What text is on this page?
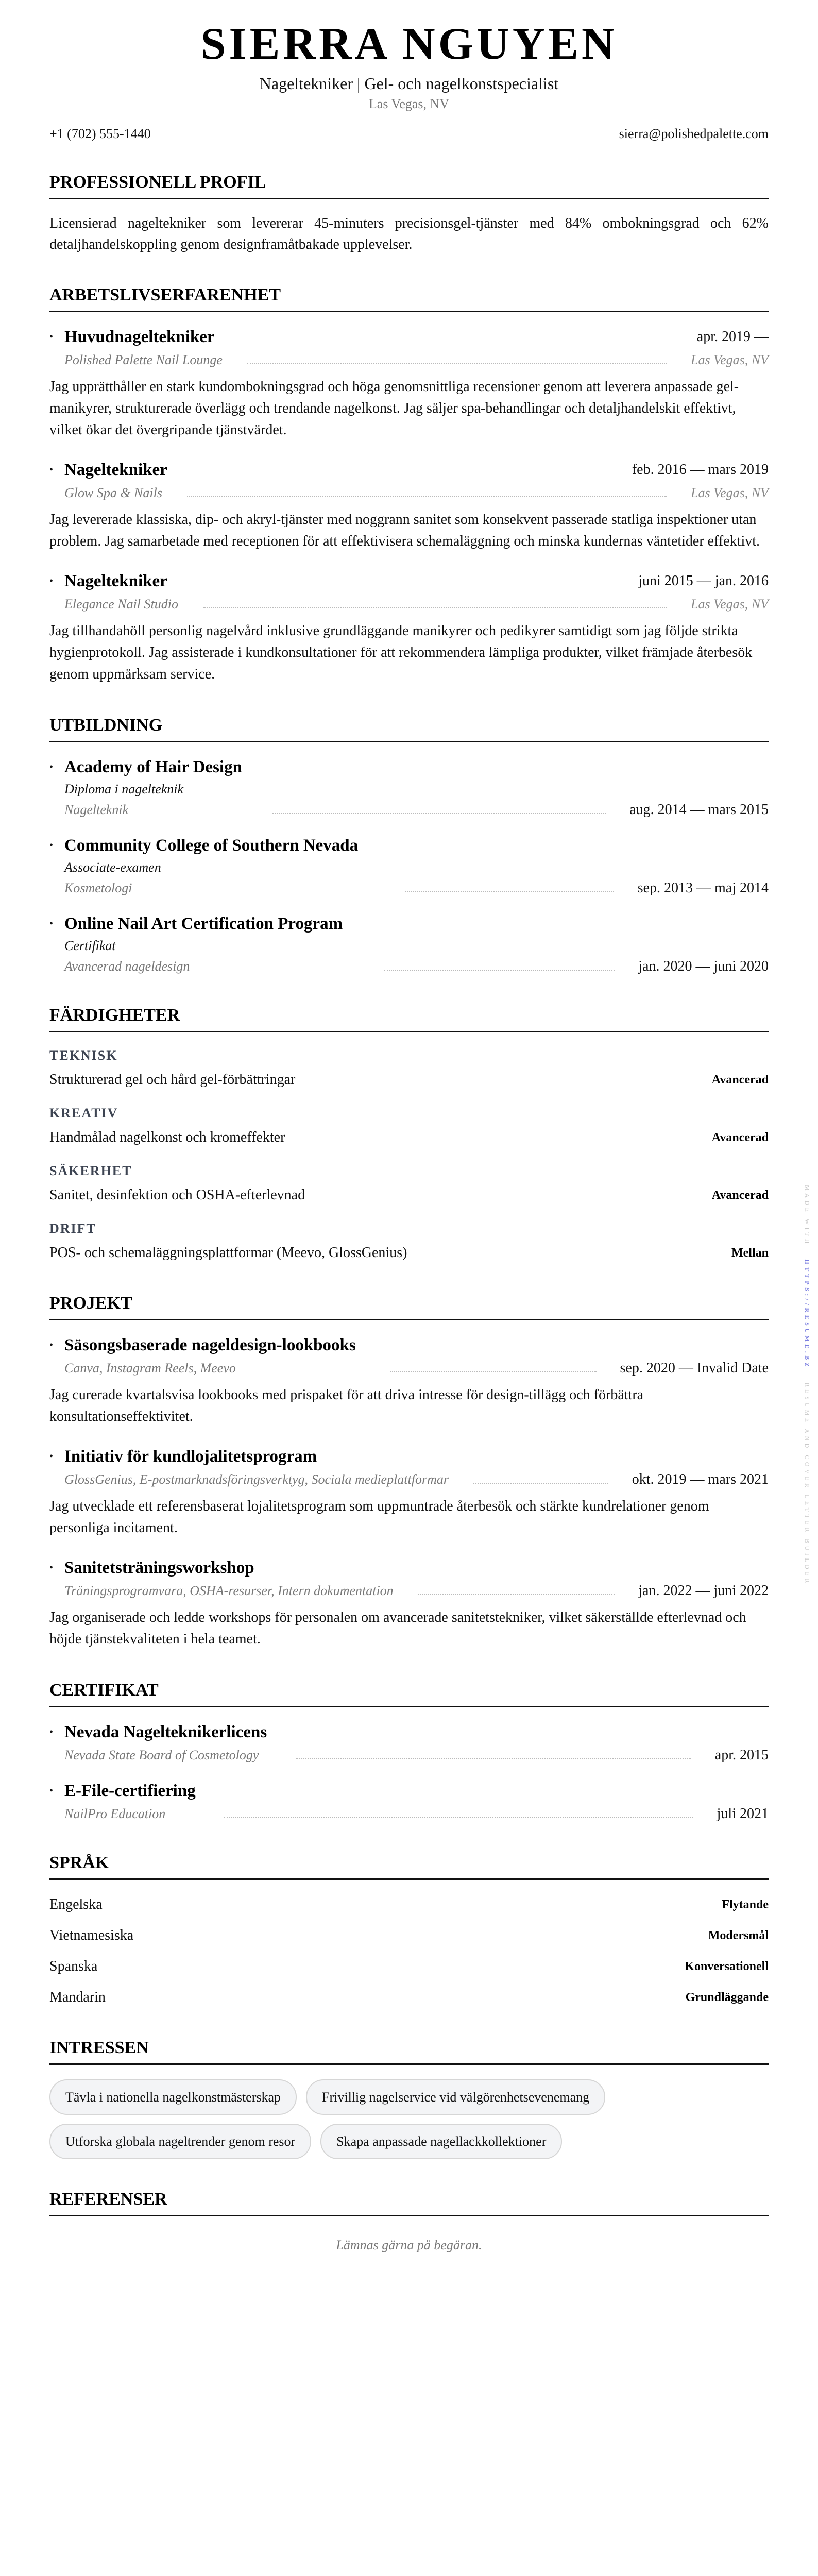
SIERRA NGUYEN
Nageltekniker | Gel- och nagelkonstspecialist
Las Vegas, NV
+1 (702) 555-1440	sierra@polishedpalette.com
PROFESSIONELL PROFIL

Licensierad nageltekniker som levererar 45-minuters precisionsgel-tjänster med 84% ombokningsgrad och 62% detaljhandelskoppling genom designframåtbakade upplevelser.

ARBETSLIVSERFARENHET
• Huvudnageltekniker	apr. 2019 —
Polished Palette Nail Lounge	Las Vegas, NV
Jag upprätthåller en stark kundombokningsgrad och höga genomsnittliga recensioner genom att leverera anpassade gel-manikyrer, strukturerade överlägg och trendande nagelkonst. Jag säljer spa-behandlingar och detaljhandelskit effektivt, vilket ökar det övergripande tjänstvärdet.
• Nageltekniker	feb. 2016 — mars 2019
Glow Spa & Nails	Las Vegas, NV
Jag levererade klassiska, dip- och akryl-tjänster med noggrann sanitet som konsekvent passerade statliga inspektioner utan problem. Jag samarbetade med receptionen för att effektivisera schemaläggning och minska kundernas väntetider effektivt.
• Nageltekniker	juni 2015 — jan. 2016
Elegance Nail Studio	Las Vegas, NV
Jag tillhandahöll personlig nagelvård inklusive grundläggande manikyrer och pedikyrer samtidigt som jag följde strikta hygienprotokoll. Jag assisterade i kundkonsultationer för att rekommendera lämpliga produkter, vilket främjade återbesök genom uppmärksam service.
UTBILDNING
• Academy of Hair Design
Diploma i nagelteknik
Nagelteknik	aug. 2014 — mars 2015
• Community College of Southern Nevada
Associate-examen
Kosmetologi	sep. 2013 — maj 2014
• Online Nail Art Certification Program
Certifikat
Avancerad nageldesign	jan. 2020 — juni 2020
FÄRDIGHETER
TEKNISK
Strukturerad gel och hård gel-förbättringar	Avancerad
KREATIV
Handmålad nagelkonst och kromeffekter	Avancerad
SÄKERHET
Sanitet, desinfektion och OSHA-efterlevnad	Avancerad
DRIFT
POS- och schemaläggningsplattformar (Meevo, GlossGenius)	Mellan
PROJEKT
• Säsongsbaserade nageldesign-lookbooks
Canva, Instagram Reels, Meevo	sep. 2020 — Invalid Date
Jag curerade kvartalsvisa lookbooks med prispaket för att driva intresse för design-tillägg och förbättra konsultationseffektivitet.
• Initiativ för kundlojalitetsprogram
GlossGenius, E-postmarknadsföringsverktyg, Sociala medieplattformar	okt. 2019 — mars 2021
Jag utvecklade ett referensbaserat lojalitetsprogram som uppmuntrade återbesök och stärkte kundrelationer genom personliga incitament.
• Sanitetsträningsworkshop
Träningsprogramvara, OSHA-resurser, Intern dokumentation	jan. 2022 — juni 2022
Jag organiserade och ledde workshops för personalen om avancerade sanitetstekniker, vilket säkerställde efterlevnad och höjde tjänstekvaliteten i hela teamet.
CERTIFIKAT
• Nevada Nagelteknikerlicens
Nevada State Board of Cosmetology	apr. 2015
• E-File-certifiering
NailPro Education	juli 2021
SPRÅK
Engelska	Flytande
Vietnamesiska	Modersmål
Spanska	Konversationell
Mandarin	Grundläggande
INTRESSEN
Tävla i nationella nagelkonstmästerskap	Frivillig nagelservice vid välgörenhetsevenemang
Utforska globala nageltrender genom resor	Skapa anpassade nagellackkollektioner
REFERENSER
Lämnas gärna på begäran.
MADE WITH   HTTPS://RESUME.BZ   RESUME AND COVER LETTER BUILDER
